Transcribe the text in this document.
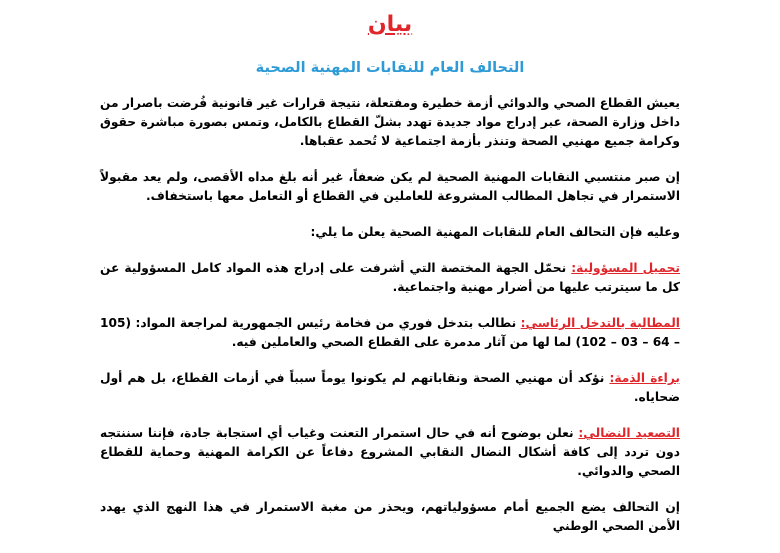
بيان
التحالف العام للنقابات المهنية الصحية

يعيش القطاع الصحي والدوائي أزمة خطيرة ومفتعلة، نتيجة قرارات غير قانونية فُرضت باصرار من داخل وزارة الصحة، عبر إدراج مواد جديدة تهدد بشلّ القطاع بالكامل، وتمس بصورة مباشرة حقوق وكرامة جميع مهنيي الصحة وتنذر بأزمة اجتماعية لا تُحمد عقباها.

إن صبر منتسبي النقابات المهنية الصحية لم يكن ضعفاً، غير أنه بلغ مداه الأقصى، ولم يعد مقبولاً الاستمرار في تجاهل المطالب المشروعة للعاملين في القطاع أو التعامل معها باستخفاف.

وعليه فإن التحالف العام للنقابات المهنية الصحية يعلن ما يلي:

تحميل المسؤولية: نحمّل الجهة المختصة التي أشرفت على إدراج هذه المواد كامل المسؤولية عن كل ما سيترتب عليها من أضرار مهنية واجتماعية.

المطالبة بالتدخل الرئاسي: نطالب بتدخل فوري من فخامة رئيس الجمهورية لمراجعة المواد: (105 – 64 – 03 – 102) لما لها من آثار مدمرة على القطاع الصحي والعاملين فيه.

براءة الذمة: نؤكد أن مهنيي الصحة ونقاباتهم لم يكونوا يوماً سبباً في أزمات القطاع، بل هم أول ضحاياه.

التصعيد النضالي: نعلن بوضوح أنه في حال استمرار التعنت وغياب أي استجابة جادة، فإننا سننتجه دون تردد إلى كافة أشكال النضال النقابي المشروع دفاعاً عن الكرامة المهنية وحماية للقطاع الصحي والدوائي.

إن التحالف يضع الجميع أمام مسؤولياتهم، ويحذر من مغبة الاستمرار في هذا النهج الذي يهدد الأمن الصحي الوطني
